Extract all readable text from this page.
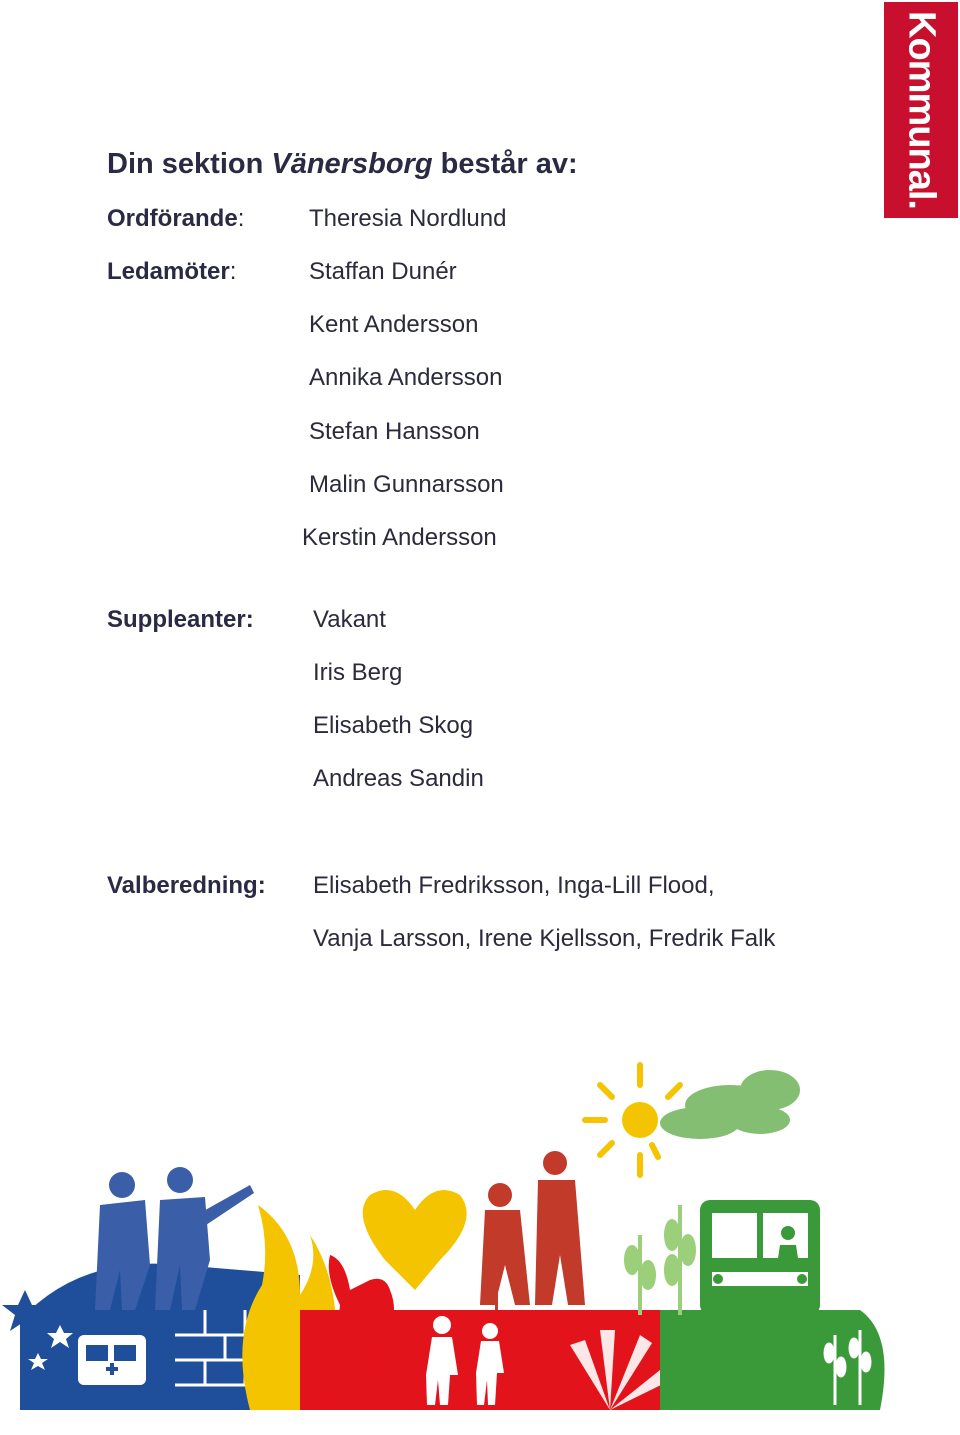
Kommunal.
Din sektion Vänersborg består av:
Ordförande:	Theresia Nordlund
Ledamöter:	Staffan Dunér
Kent Andersson
Annika Andersson
Stefan Hansson
Malin Gunnarsson
Kerstin Andersson
Suppleanter: Vakant
Iris Berg
Elisabeth Skog
Andreas Sandin
Valberedning: Elisabeth Fredriksson, Inga-Lill Flood,
Vanja Larsson, Irene Kjellsson, Fredrik Falk
